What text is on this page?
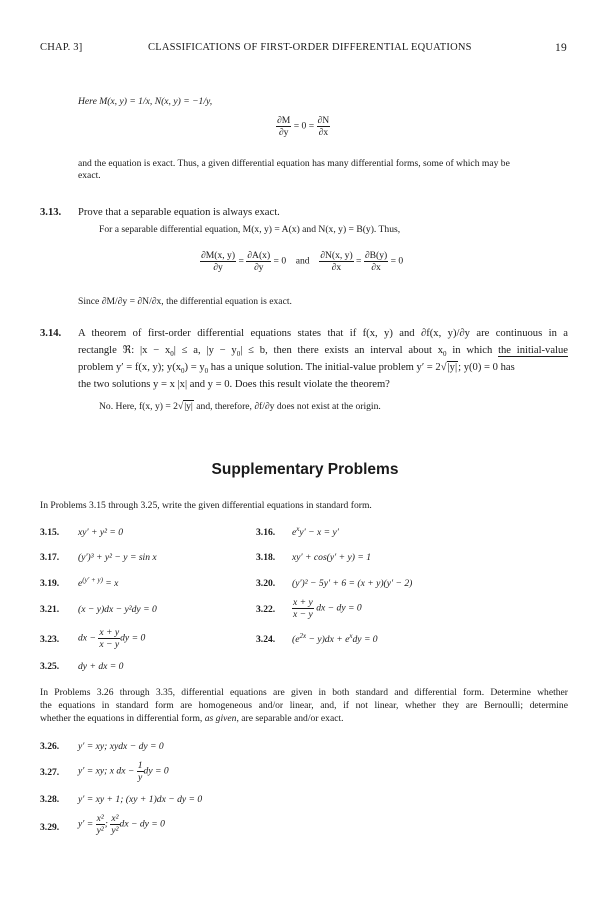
CHAP. 3]	CLASSIFICATIONS OF FIRST-ORDER DIFFERENTIAL EQUATIONS	19
Here M(x, y) = 1/x, N(x, y) = −1/y,
$\frac{\partial M}{\partial y} = 0 = \frac{\partial N}{\partial x}$
and the equation is exact. Thus, a given differential equation has many differential forms, some of which may be
exact.
3.13. Prove that a separable equation is always exact.
For a separable differential equation, M(x, y) = A(x) and N(x, y) = B(y). Thus,
$\frac{\partial M(x, y)}{\partial y} = \frac{\partial A(x)}{\partial y} = 0$ and $\frac{\partial N(x, y)}{\partial x} = \frac{\partial B(y)}{\partial x} = 0$
Since ∂M/∂y = ∂N/∂x, the differential equation is exact.
3.14. A theorem of first-order differential equations states that if f(x, y) and ∂f(x, y)/∂y are continuous in a
rectangle ℜ: $|x - x_0| \le a$, $|y - y_0| \le b$, then there exists an interval about $x_0$ in which the initial-value
problem y′ = f(x, y); $y(x_0) = y_0$ has a unique solution. The initial-value problem y′ = 2√|y|; y(0) = 0 has
the two solutions y = x |x| and y = 0. Does this result violate the theorem?
No. Here, f(x, y) = 2√|y| and, therefore, ∂f/∂y does not exist at the origin.
Supplementary Problems
In Problems 3.15 through 3.25, write the given differential equations in standard form.
3.15. xy′ + y² = 0	3.16. $e^xy' - x = y'$
3.17. (y′)³ + y² − y = sin x	3.18. xy′ + cos(y′ + y) = 1
3.19. $e^{(y' + y)} = x$	3.20. (y′)² − 5y′ + 6 = (x + y)(y′ − 2)
3.21. (x − y)dx − y²dy = 0	3.22. $\frac{x + y}{x - y}$ dx − dy = 0
3.23. dx − $\frac{x + y}{x - y}$ dy = 0	3.24. $(e^{2x} - y)dx + e^xdy = 0$
3.25. dy + dx = 0
In Problems 3.26 through 3.35, differential equations are given in both standard and differential form. Determine whether
the equations in standard form are homogeneous and/or linear, and, if not linear, whether they are Bernoulli; determine
whether the equations in differential form, as given, are separable and/or exact.
3.26. y′ = xy; xydx − dy = 0
3.27. y′ = xy; x dx − $\frac{1}{y}$ dy = 0
3.28. y′ = xy + 1; (xy + 1)dx − dy = 0
3.29. $y' = \frac{\text{x²}}{\text{y²}}$ ; $\frac{\text{x²}}{\text{y²}}$ dx − dy = 0
